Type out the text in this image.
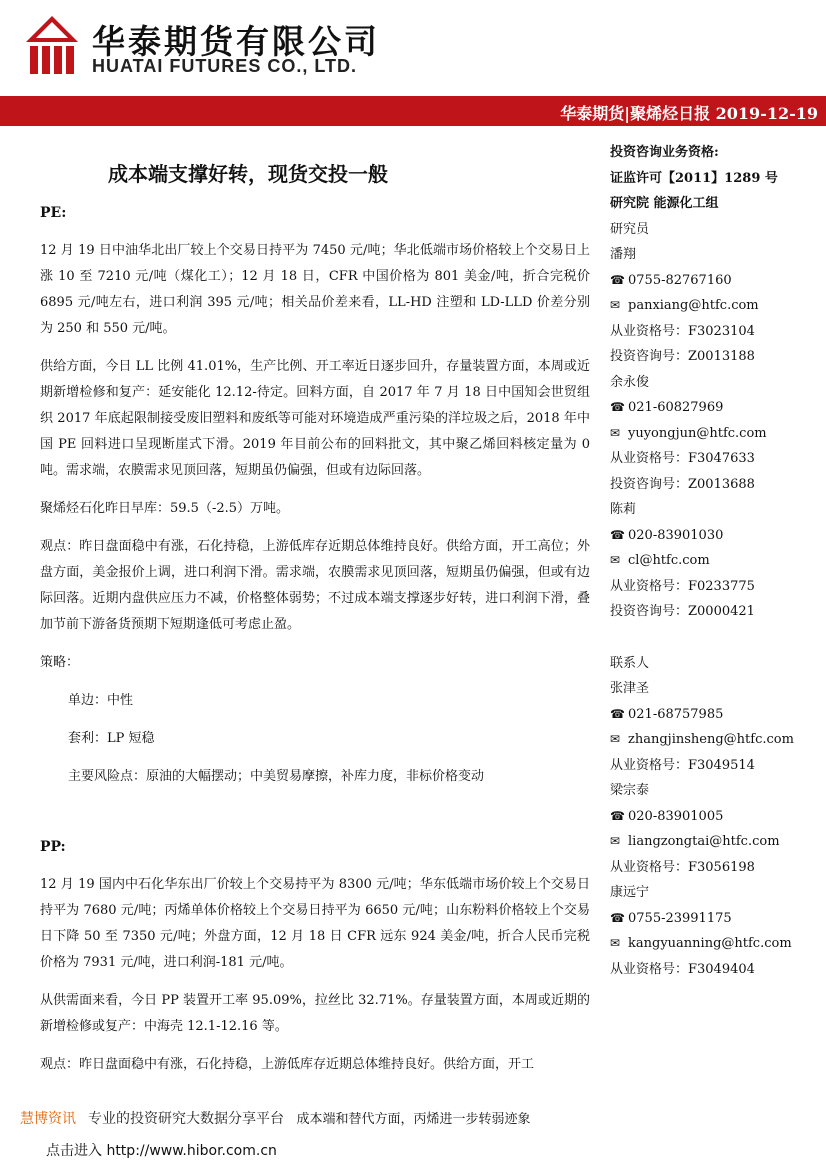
华泰期货有限公司
HUATAI FUTURES CO., LTD.
华泰期货|聚烯烃日报 2019-12-19
成本端支撑好转，现货交投一般

PE:

12 月 19 日中油华北出厂较上个交易日持平为 7450 元/吨；华北低端市场价格较上个交易日上涨 10 至 7210 元/吨（煤化工）；12 月 18 日，CFR 中国价格为 801 美金/吨，折合完税价 6895 元/吨左右，进口利润 395 元/吨；相关品价差来看，LL-HD 注塑和 LD-LLD 价差分别为 250 和 550 元/吨。

供给方面，今日 LL 比例 41.01%，生产比例、开工率近日逐步回升，存量装置方面，本周或近期新增检修和复产：延安能化 12.12-待定。回料方面，自 2017 年 7 月 18 日中国知会世贸组织 2017 年底起限制接受废旧塑料和废纸等可能对环境造成严重污染的洋垃圾之后，2018 年中国 PE 回料进口呈现断崖式下滑。2019 年目前公布的回料批文，其中聚乙烯回料核定量为 0 吨。需求端，农膜需求见顶回落，短期虽仍偏强，但或有边际回落。

聚烯烃石化昨日早库：59.5（-2.5）万吨。

观点：昨日盘面稳中有涨，石化持稳，上游低库存近期总体维持良好。供给方面，开工高位；外盘方面，美金报价上调，进口利润下滑。需求端，农膜需求见顶回落，短期虽仍偏强，但或有边际回落。近期内盘供应压力不减，价格整体弱势；不过成本端支撑逐步好转，进口利润下滑，叠加节前下游备货预期下短期逢低可考虑止盈。

策略：

单边：中性

套利：LP 短稳

主要风险点：原油的大幅摆动；中美贸易摩擦，补库力度，非标价格变动

PP:

12 月 19 国内中石化华东出厂价较上个交易持平为 8300 元/吨；华东低端市场价较上个交易日持平为 7680 元/吨；丙烯单体价格较上个交易日持平为 6650 元/吨；山东粉料价格较上个交易日下降 50 至 7350 元/吨；外盘方面，12 月 18 日 CFR 远东 924 美金/吨，折合人民币完税价格为 7931 元/吨，进口利润-181 元/吨。

从供需面来看，今日 PP 装置开工率 95.09%，拉丝比 32.71%。存量装置方面，本周或近期的新增检修或复产：中海壳 12.1-12.16 等。

观点：昨日盘面稳中有涨，石化持稳，上游低库存近期总体维持良好。供给方面，开工

投资咨询业务资格:
证监许可【2011】1289 号
研究院 能源化工组
研究员
潘翔
☎ 0755-82767160
✉ panxiang@htfc.com
从业资格号：F3023104
投资咨询号：Z0013188
余永俊
☎ 021-60827969
✉ yuyongjun@htfc.com
从业资格号：F3047633
投资咨询号：Z0013688
陈莉
☎ 020-83901030
✉ cl@htfc.com
从业资格号：F0233775
投资咨询号：Z0000421
联系人
张津圣
☎ 021-68757985
✉ zhangjinsheng@htfc.com
从业资格号：F3049514
梁宗泰
☎ 020-83901005
✉ liangzongtai@htfc.com
从业资格号：F3056198
康远宁
☎ 0755-23991175
✉ kangyuanning@htfc.com
从业资格号：F3049404
慧博资讯 专业的投资研究大数据分享平台 成本端和替代方面，丙烯进一步转弱迹象
点击进入 http://www.hibor.com.cn
